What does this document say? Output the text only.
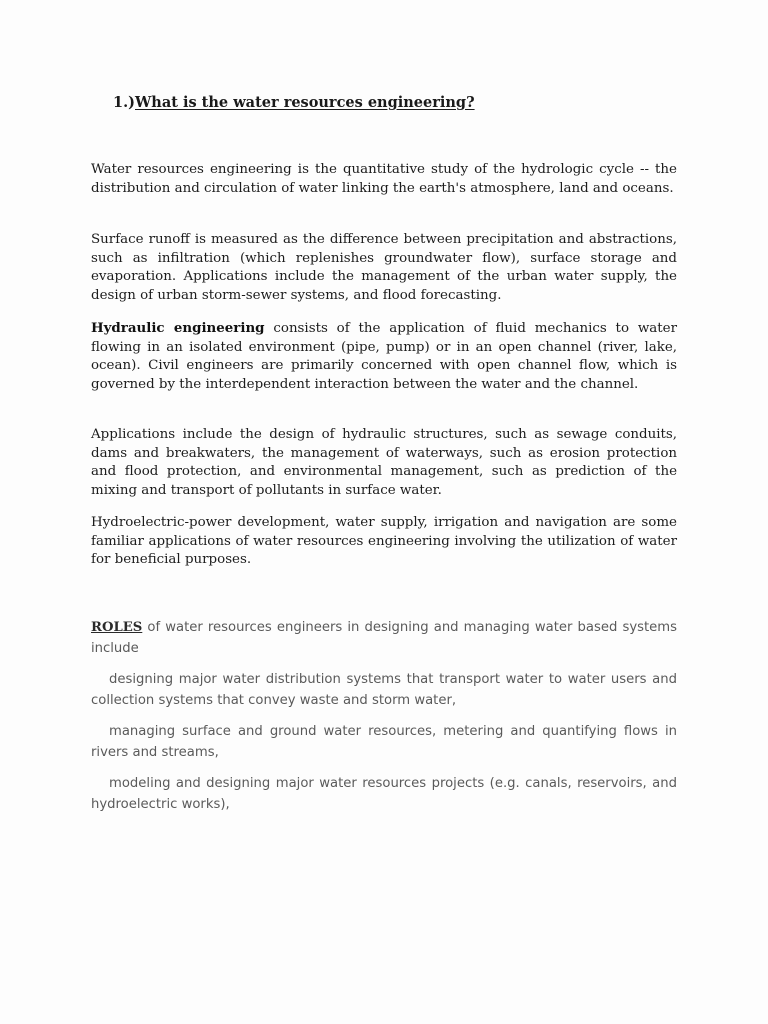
1.)What is the water resources engineering?
Water resources engineering is the quantitative study of the hydrologic cycle -- the distribution and circulation of water linking the earth's atmosphere, land and oceans.
Surface runoff is measured as the difference between precipitation and abstractions, such as infiltration (which replenishes groundwater flow), surface storage and evaporation. Applications include the management of the urban water supply, the design of urban storm-sewer systems, and flood forecasting.
Hydraulic engineering consists of the application of fluid mechanics to water flowing in an isolated environment (pipe, pump) or in an open channel (river, lake, ocean). Civil engineers are primarily concerned with open channel flow, which is governed by the interdependent interaction between the water and the channel.
Applications include the design of hydraulic structures, such as sewage conduits, dams and breakwaters, the management of waterways, such as erosion protection and flood protection, and environmental management, such as prediction of the mixing and transport of pollutants in surface water.
Hydroelectric-power development, water supply, irrigation and navigation are some familiar applications of water resources engineering involving the utilization of water for beneficial purposes.
ROLES of water resources engineers in designing and managing water based systems include
designing major water distribution systems that transport water to water users and collection systems that convey waste and storm water,
managing surface and ground water resources, metering and quantifying flows in rivers and streams,
modeling and designing major water resources projects (e.g. canals, reservoirs, and hydroelectric works),
